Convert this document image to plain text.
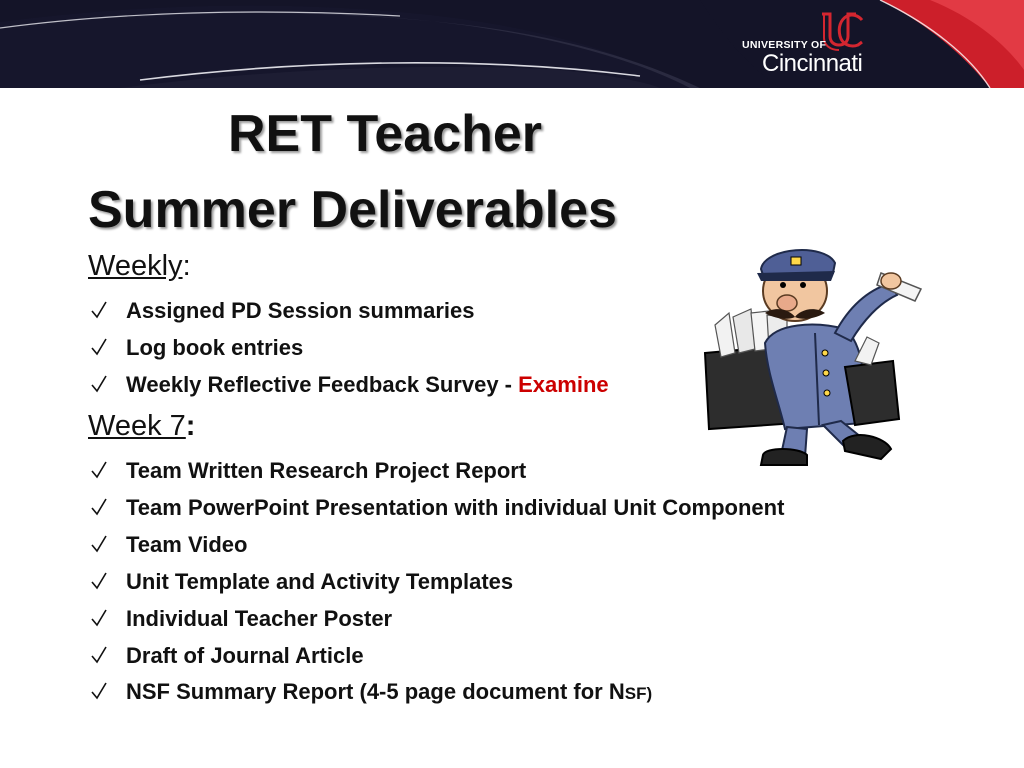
UNIVERSITY OF
Cincinnati
RET Teacher
Summer Deliverables
Weekly:
Assigned PD Session summaries
Log book entries
Weekly Reflective Feedback Survey - Examine
Week 7:
Team Written Research Project Report
Team PowerPoint Presentation with individual Unit Component
Team Video
Unit Template and Activity Templates
Individual Teacher Poster
Draft of Journal Article
NSF Summary Report (4-5 page document for NSF)
